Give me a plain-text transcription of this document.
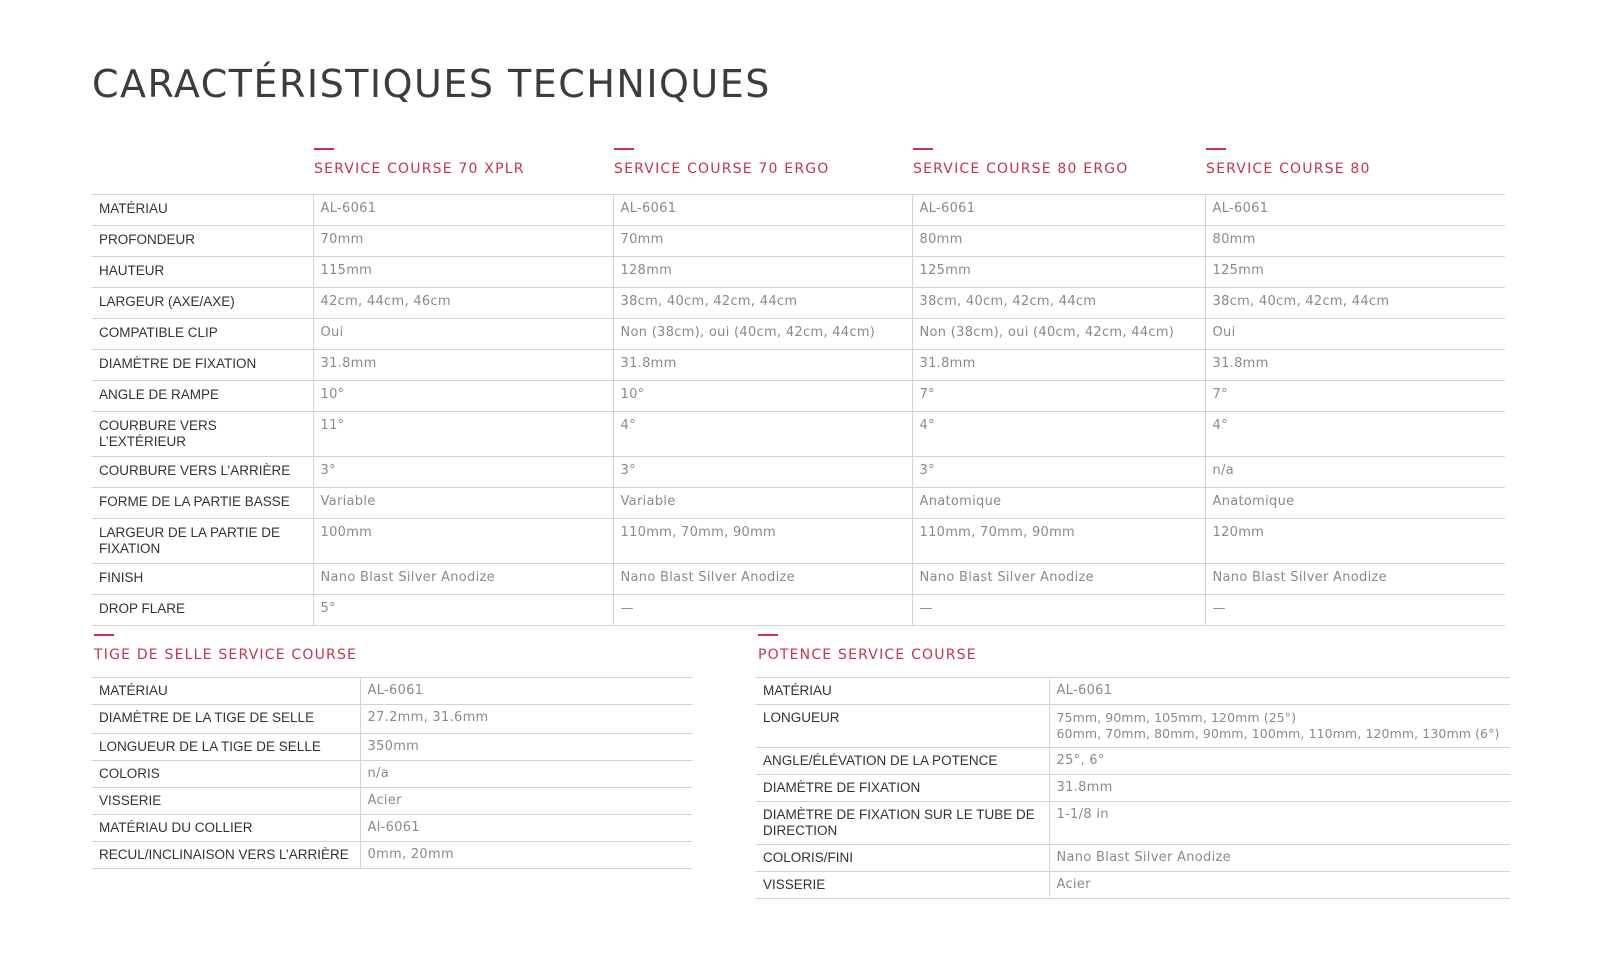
CARACTÉRISTIQUES TECHNIQUES
SERVICE COURSE 70 XPLR	SERVICE COURSE 70 ERGO	SERVICE COURSE 80 ERGO	SERVICE COURSE 80
MATÉRIAU	AL-6061	AL-6061	AL-6061	AL-6061
PROFONDEUR	70mm	70mm	80mm	80mm
HAUTEUR	115mm	128mm	125mm	125mm
LARGEUR (AXE/AXE)	42cm, 44cm, 46cm	38cm, 40cm, 42cm, 44cm	38cm, 40cm, 42cm, 44cm	38cm, 40cm, 42cm, 44cm
COMPATIBLE CLIP	Oui	Non (38cm), oui (40cm, 42cm, 44cm)	Non (38cm), oui (40cm, 42cm, 44cm)	Oui
DIAMÈTRE DE FIXATION	31.8mm	31.8mm	31.8mm	31.8mm
ANGLE DE RAMPE	10°	10°	7°	7°
COURBURE VERS L’EXTÉRIEUR	11°	4°	4°	4°
COURBURE VERS L’ARRIÈRE	3°	3°	3°	n/a
FORME DE LA PARTIE BASSE	Variable	Variable	Anatomique	Anatomique
LARGEUR DE LA PARTIE DE FIXATION	100mm	110mm, 70mm, 90mm	110mm, 70mm, 90mm	120mm
FINISH	Nano Blast Silver Anodize	Nano Blast Silver Anodize	Nano Blast Silver Anodize	Nano Blast Silver Anodize
DROP FLARE	5°	—	—	—
TIGE DE SELLE SERVICE COURSE
MATÉRIAU	AL-6061
DIAMÈTRE DE LA TIGE DE SELLE	27.2mm, 31.6mm
LONGUEUR DE LA TIGE DE SELLE	350mm
COLORIS	n/a
VISSERIE	Acier
MATÉRIAU DU COLLIER	Al-6061
RECUL/INCLINAISON VERS L’ARRIÈRE	0mm, 20mm
POTENCE SERVICE COURSE
MATÉRIAU	AL-6061
LONGUEUR	75mm, 90mm, 105mm, 120mm (25°)
60mm, 70mm, 80mm, 90mm, 100mm, 110mm, 120mm, 130mm (6°)
ANGLE/ÉLÉVATION DE LA POTENCE	25°, 6°
DIAMÈTRE DE FIXATION	31.8mm
DIAMÈTRE DE FIXATION SUR LE TUBE DE DIRECTION	1-1/8 in
COLORIS/FINI	Nano Blast Silver Anodize
VISSERIE	Acier
